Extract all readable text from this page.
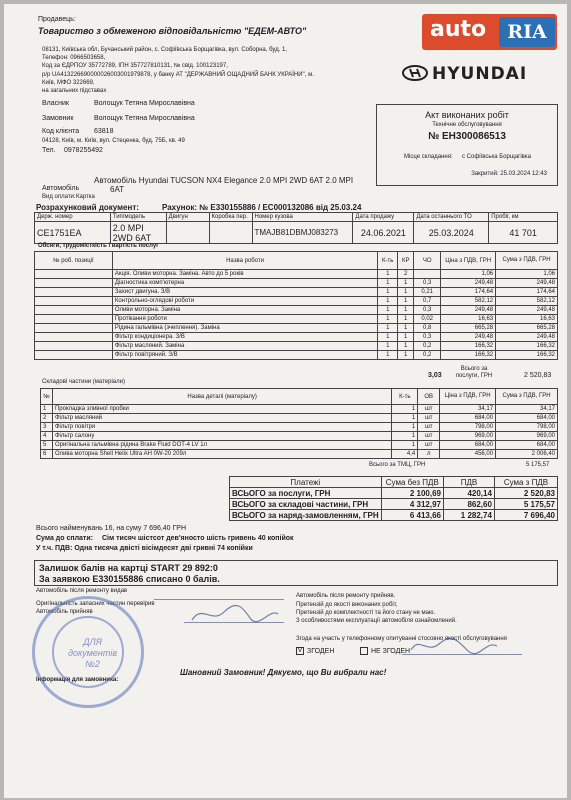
auto	RIA
HYUNDAI
Продавець:
Товариство з обмеженою відповідальністю "ЕДЕМ-АВТО"
08131, Київська обл, Бучанський район, с. Софіївська Борщагівка, вул. Соборна, буд. 1,
Телефон: 0966503658,
Код за ЄДРПОУ 35772789, ІПН 357727810131, № свід. 100123197,
р/р UA413226690000026003001979878, у банку АТ "ДЕРЖАВНИЙ ОЩАДНИЙ БАНК УКРАЇНИ", м.
Київ, МФО 322669,
на загальних підставах
Власник	Волощук Тетяна Мирославівна
Замовник	Волощук Тетяна Мирославівна
Код клієнта 63818
04128, Київ, м. Київ, вул. Стеценка, буд. 75Б, кв. 49
Тел. 0978255492
Акт виконаних робіт
Технічне обслуговування
№ ЕН300086513
Місце складання: с Софіївська Борщагівка
Закритий: 25.03.2024 12:43
Автомобіль Hyundai TUCSON NX4 Elegance 2.0 MPI 2WD 6AT 2.0 MPI
Автомобіль	6AT
Вид оплати: Картка
Розрахунковий документ:	Рахунок: № Е330155886 / ЕС000132086 від 25.03.24
Держ. номер	Тип/модель	Двигун	Коробка пер.	Номер кузова	Дата продажу	Дата останнього ТО	Пробіг, км
CE1751EA	2.0 MPI 2WD 6AT			TMAJB81DBMJ083273	24.06.2021	25.03.2024	41 701
Обсяги, трудомісткість і вартість послуг
№ роб. позиції	Назва роботи	К-ть	КР	ЧО	Ціна з ПДВ, ГРН	Сума з ПДВ, ГРН
	Акція. Оливи моторна. Заміна. Авто до 5 років	1	2		1,06	1,06
	Діагностика комп'ютерна	1	1	0,3	249,48	249,48
	Захист двигуна. З/В	1	1	0,21	174,64	174,64
	Контрольно-оглядові роботи	1	1	0,7	582,12	582,12
	Оливи моторна. Заміна	1	1	0,3	249,48	249,48
	Протікання роботи	1	1	0,02	16,63	16,63
	Рідина гальмівна (зчеплення). Заміна	1	1	0,8	665,28	665,28
	Фільтр кондиціонера. З/В	1	1	0,3	249,48	249,48
	Фільтр масляний. Заміна	1	1	0,2	166,32	166,32
	Фільтр повітряний. З/В	1	1	0,2	166,32	166,32
3,03
Всього за послуги, ГРН	2 520,83
Складові частини (матеріали)
№	Назва деталі (матеріалу)	К-ть	ОВ	Ціна з ПДВ, ГРН	Сума з ПДВ, ГРН
1	Прокладка зливної пробки	1	шт	34,17	34,17
2	Фільтр масляний	1	шт	684,00	684,00
3	Фільтр повітря	1	шт	798,00	798,00
4	Фільтр салону	1	шт	969,00	969,00
5	Оригінальна гальмівна рідина Brake Fluid DOT-4 LV 1л	1	шт	684,00	684,00
6	Олива моторна Shell Helix Ultra AH 0W-20 209л	4,4	л	456,00	2 006,40
Всього за ТМЦ, ГРН	5 175,57
Платежі	Сума без ПДВ	ПДВ	Сума з ПДВ
ВСЬОГО за послуги, ГРН	2 100,69	420,14	2 520,83
ВСЬОГО за складові частини, ГРН	4 312,97	862,60	5 175,57
ВСЬОГО за наряд-замовленням, ГРН	6 413,66	1 282,74	7 696,40
Всього найменувань 16, на суму 7 696,40 ГРН
Сума до сплати: Сім тисяч шістсот дев'яносто шість гривень 40 копійок
У т.ч. ПДВ: Одна тисяча двісті вісімдесят дві гривні 74 копійки
Залишок балів на картці START 29 892:0
За заявкою Е330155886 списано 0 балів.
Автомобіль після ремонту видав
Оригінальність запасних частин перевірив
Автомобіль прийняв
Автомобіль після ремонту прийняв.
Претензій до якості виконаних робіт,
Претензій до комплектності та його стану не маю.
З особливостями експлуатації автомобіля ознайомлений.
Згода на участь у телефонному опитуванні стосовно якості обслуговування
V ЗГОДЕН	НЕ ЗГОДЕН
Шановний Замовник! Дякуємо, що Ви вибрали нас!
Інформація для замовника:
ДЛЯ
документів
№2
